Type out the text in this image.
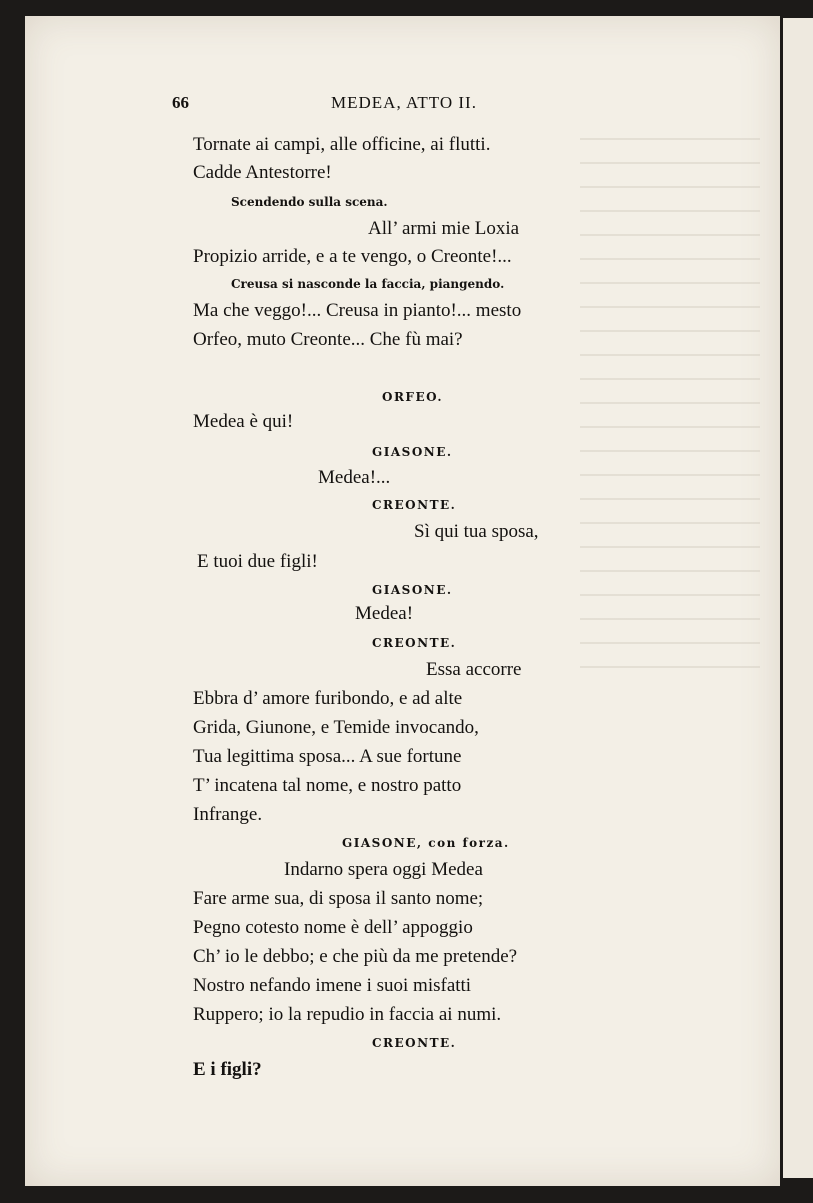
66	MEDEA, ATTO II.
Tornate ai campi, alle officine, ai flutti.
Cadde Antestorre!
Scendendo sulla scena.
All’ armi mie Loxia
Propizio arride, e a te vengo, o Creonte!...
Creusa si nasconde la faccia, piangendo.
Ma che veggo!... Creusa in pianto!... mesto
Orfeo, muto Creonte... Che fù mai?
ORFEO.
Medea è qui!
GIASONE.
Medea!...
CREONTE.
Sì qui tua sposa,
E tuoi due figli!
GIASONE.
Medea!
CREONTE.
Essa accorre
Ebbra d’ amore furibondo, e ad alte
Grida, Giunone, e Temide invocando,
Tua legittima sposa... A sue fortune
T’ incatena tal nome, e nostro patto
Infrange.
GIASONE, con forza.
Indarno spera oggi Medea
Fare arme sua, di sposa il santo nome;
Pegno cotesto nome è dell’ appoggio
Ch’ io le debbo; e che più da me pretende?
Nostro nefando imene i suoi misfatti
Ruppero; io la repudio in faccia ai numi.
CREONTE.
E i figli?
